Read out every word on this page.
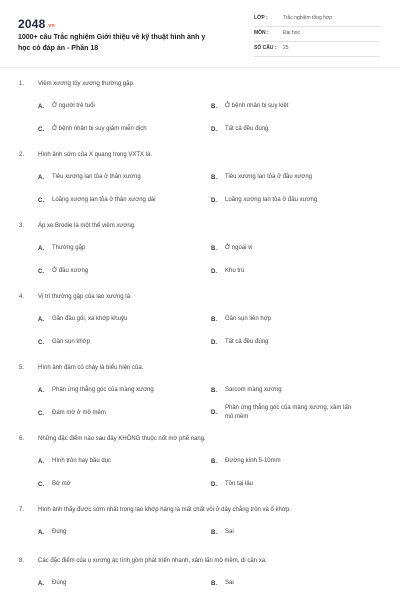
2048.vn
1000+ câu Trắc nghiệm Giới thiệu về kỹ thuật hình ảnh y học có đáp án - Phần 18
LỚP :	Trắc nghiệm tổng hợp
MÔN :	Đại học
SỐ CÂU : 25
1. Viêm xương tủy xương thường gặp.
A.	Ở người trẻ tuổi	B.	Ở bệnh nhân bị suy kiệt
C.	Ở bệnh nhân bị suy giảm miễn dịch	D.	Tất cả đều đúng
2. Hình ảnh sớm của X quang trong VXTX là.
A.	Tiêu xương lan tỏa ở thân xương	B.	Tiêu xương lan tỏa ở đầu xương
C.	Loãng xương lan tỏa ở thân xương dài	D.	Loãng xương lan tỏa ở đầu xương
3. Áp xe Brodie là một thể viêm xương.
A.	Thường gặp	B.	Ở ngoại vi
C.	Ở đầu xương	D.	Khu trú
4. Vị trí thường gặp của lao xương là.
A.	Gần đầu gối, xa khớp khuỷu	B.	Gần sụn liên hợp
C.	Gần sụn khớp	D.	Tất cả đều đúng
5. Hình ảnh đám cỏ cháy là biểu hiện của.
A.	Phản ứng thẳng góc của màng xương	B.	Sarcom màng xương
C.	Đám mờ ở mô mềm	D.
Phản ứng thẳng góc của màng xương, xâm lấn mô mềm
6. Những đặc điểm nào sau đây KHÔNG thuộc nốt mờ phế nang.
A.	Hình tròn hay bầu dục	B.	Đường kính 5-10mm
C.	Bờ mờ	D.	Tồn tại lâu
7. Hình ảnh thấy được sớm nhất trong lao khớp háng là mất chất vôi ở dây chằng tròn và ổ khớp.
A.	Đúng	B.	Sai
8. Các đặc điểm của u xương ác tính gồm phát triển nhanh, xâm lấn mô mềm, di căn xa.
A.	Đúng	B.	Sai
